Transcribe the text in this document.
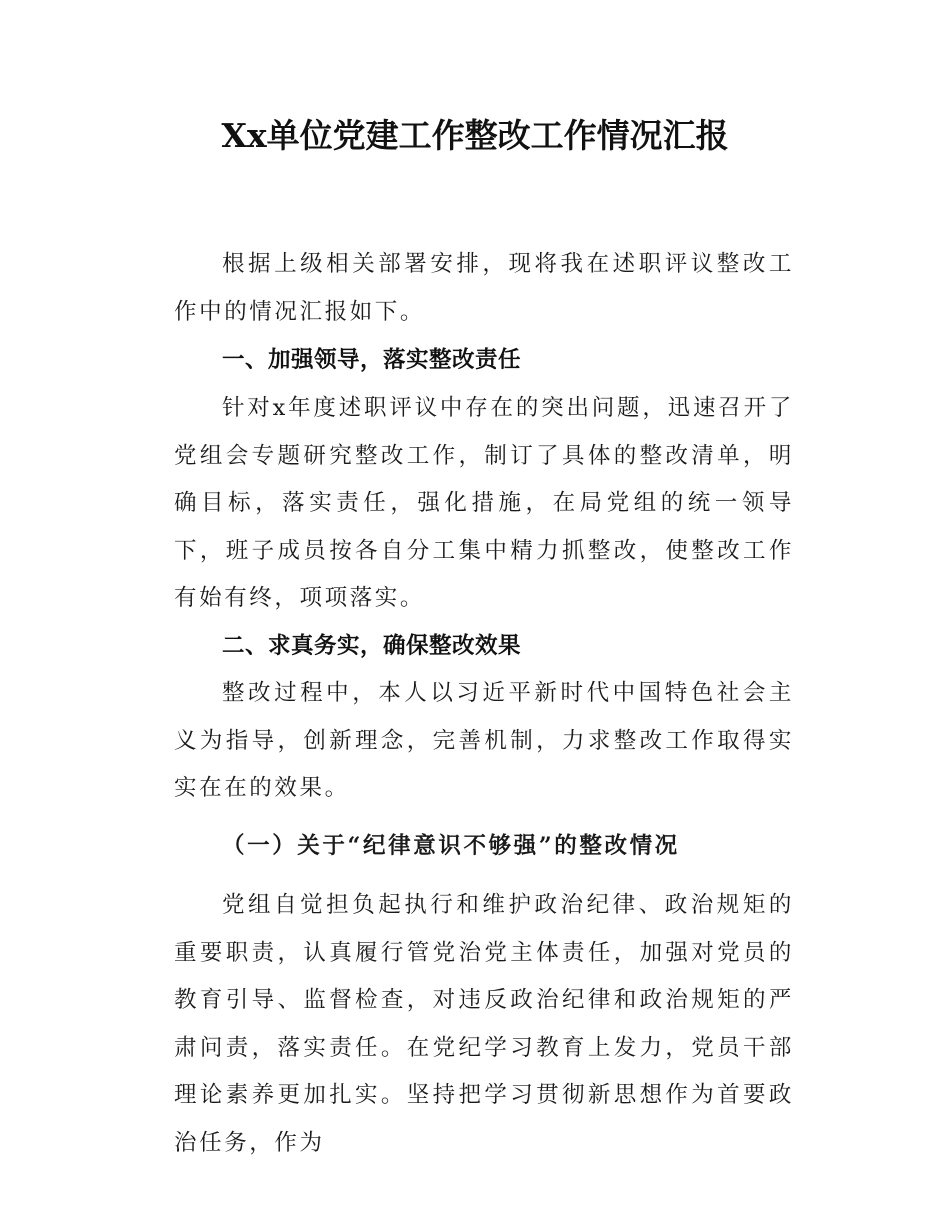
Xx单位党建工作整改工作情况汇报

根据上级相关部署安排，现将我在述职评议整改工作中的情况汇报如下。

一、加强领导，落实整改责任

针对x年度述职评议中存在的突出问题，迅速召开了党组会专题研究整改工作，制订了具体的整改清单，明确目标，落实责任，强化措施，在局党组的统一领导下，班子成员按各自分工集中精力抓整改，使整改工作有始有终，项项落实。

二、求真务实，确保整改效果

整改过程中，本人以习近平新时代中国特色社会主义为指导，创新理念，完善机制，力求整改工作取得实实在在的效果。

（一）关于“纪律意识不够强”的整改情况

党组自觉担负起执行和维护政治纪律、政治规矩的重要职责，认真履行管党治党主体责任，加强对党员的教育引导、监督检查，对违反政治纪律和政治规矩的严肃问责，落实责任。在党纪学习教育上发力，党员干部理论素养更加扎实。坚持把学习贯彻新思想作为首要政治任务，作为
